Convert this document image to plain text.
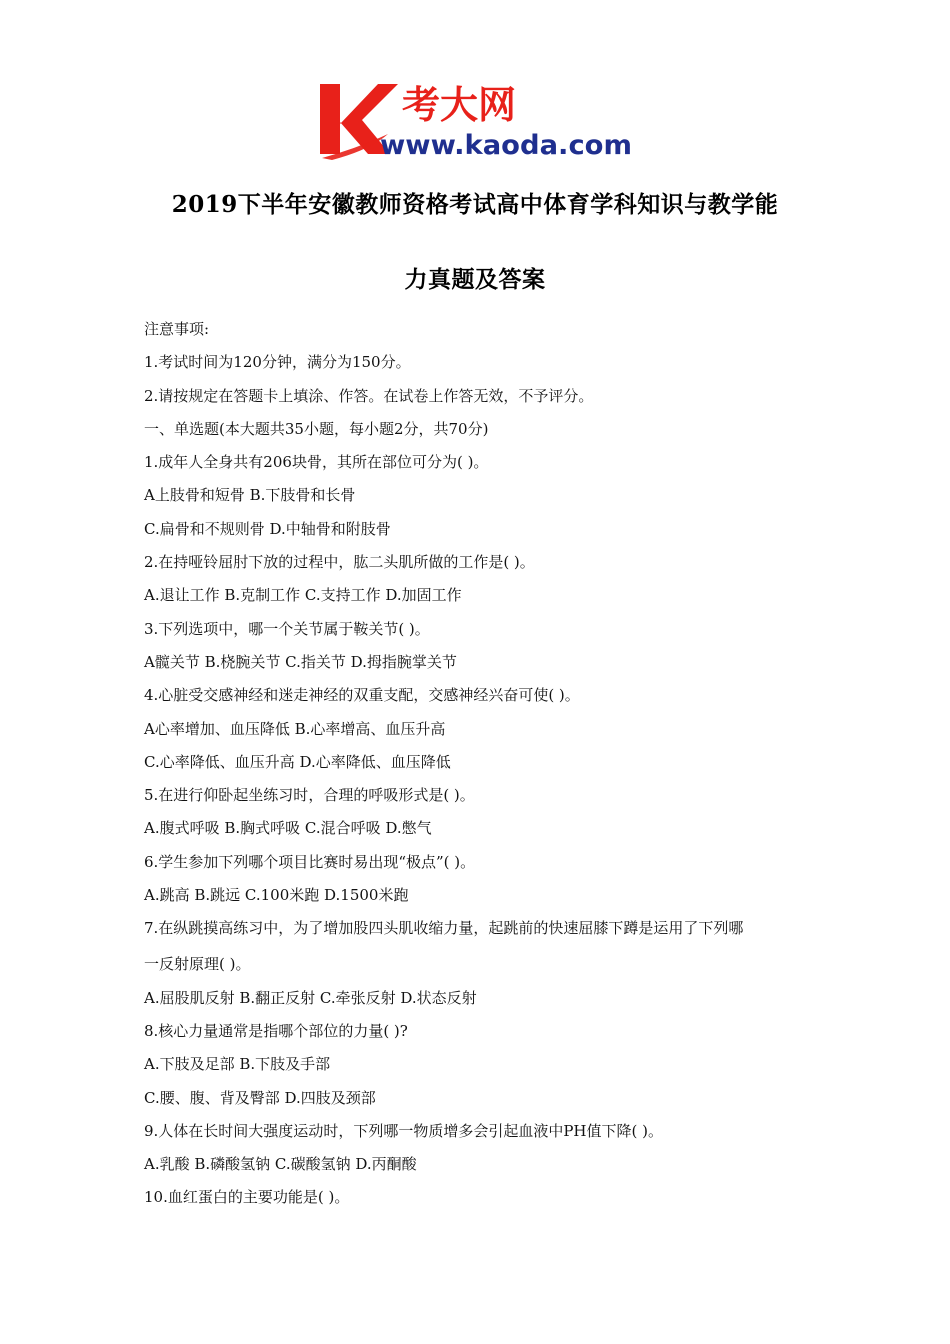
考大网
www.kaoda.com
2019下半年安徽教师资格考试高中体育学科知识与教学能
力真题及答案
注意事项:
1.考试时间为120分钟，满分为150分。
2.请按规定在答题卡上填涂、作答。在试卷上作答无效，不予评分。
一、单选题(本大题共35小题，每小题2分，共70分)
1.成年人全身共有206块骨，其所在部位可分为( )。
A上肢骨和短骨 B.下肢骨和长骨
C.扁骨和不规则骨 D.中轴骨和附肢骨
2.在持哑铃屈肘下放的过程中，肱二头肌所做的工作是( )。
A.退让工作 B.克制工作 C.支持工作 D.加固工作
3.下列选项中，哪一个关节属于鞍关节( )。
A髋关节 B.桡腕关节 C.指关节 D.拇指腕掌关节
4.心脏受交感神经和迷走神经的双重支配，交感神经兴奋可使( )。
A心率增加、血压降低 B.心率增高、血压升高
C.心率降低、血压升高 D.心率降低、血压降低
5.在进行仰卧起坐练习时，合理的呼吸形式是( )。
A.腹式呼吸 B.胸式呼吸 C.混合呼吸 D.憋气
6.学生参加下列哪个项目比赛时易出现“极点”( )。
A.跳高 B.跳远 C.100米跑 D.1500米跑
7.在纵跳摸高练习中，为了增加股四头肌收缩力量，起跳前的快速屈膝下蹲是运用了下列哪
一反射原理( )。
A.屈股肌反射 B.翻正反射 C.牵张反射 D.状态反射
8.核心力量通常是指哪个部位的力量( )?
A.下肢及足部 B.下肢及手部
C.腰、腹、背及臀部 D.四肢及颈部
9.人体在长时间大强度运动时，下列哪一物质增多会引起血液中PH值下降( )。
A.乳酸 B.磷酸氢钠 C.碳酸氢钠 D.丙酮酸
10.血红蛋白的主要功能是( )。
